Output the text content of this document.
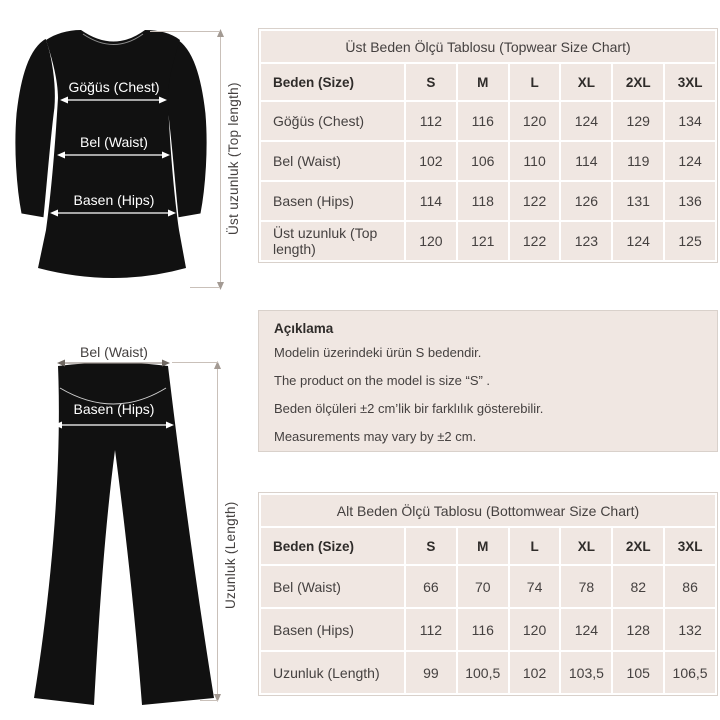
Göğüs (Chest)
Bel (Waist)
Basen (Hips)	Üst uzunluk (Top length)
Bel (Waist)
Basen (Hips)
Uzunluk (Length)
Üst Beden Ölçü Tablosu (Topwear Size Chart)						
Beden (Size)	S	M	L	XL	2XL	3XL
Göğüs (Chest)	112	116	120	124	129	134
Bel (Waist)	102	106	110	114	119	124
Basen (Hips)	114	118	122	126	131	136
Üst uzunluk (Top length)	120	121	122	123	124	125
Açıklama

Modelin üzerindeki ürün S bedendir.

The product on the model is size “S” .

Beden ölçüleri ±2 cm’lik bir farklılık gösterebilir.

Measurements may vary by ±2 cm.

Alt Beden Ölçü Tablosu (Bottomwear Size Chart)						
Beden (Size)	S	M	L	XL	2XL	3XL
Bel (Waist)	66	70	74	78	82	86
Basen (Hips)	112	116	120	124	128	132
Uzunluk (Length)	99	100,5	102	103,5	105	106,5
